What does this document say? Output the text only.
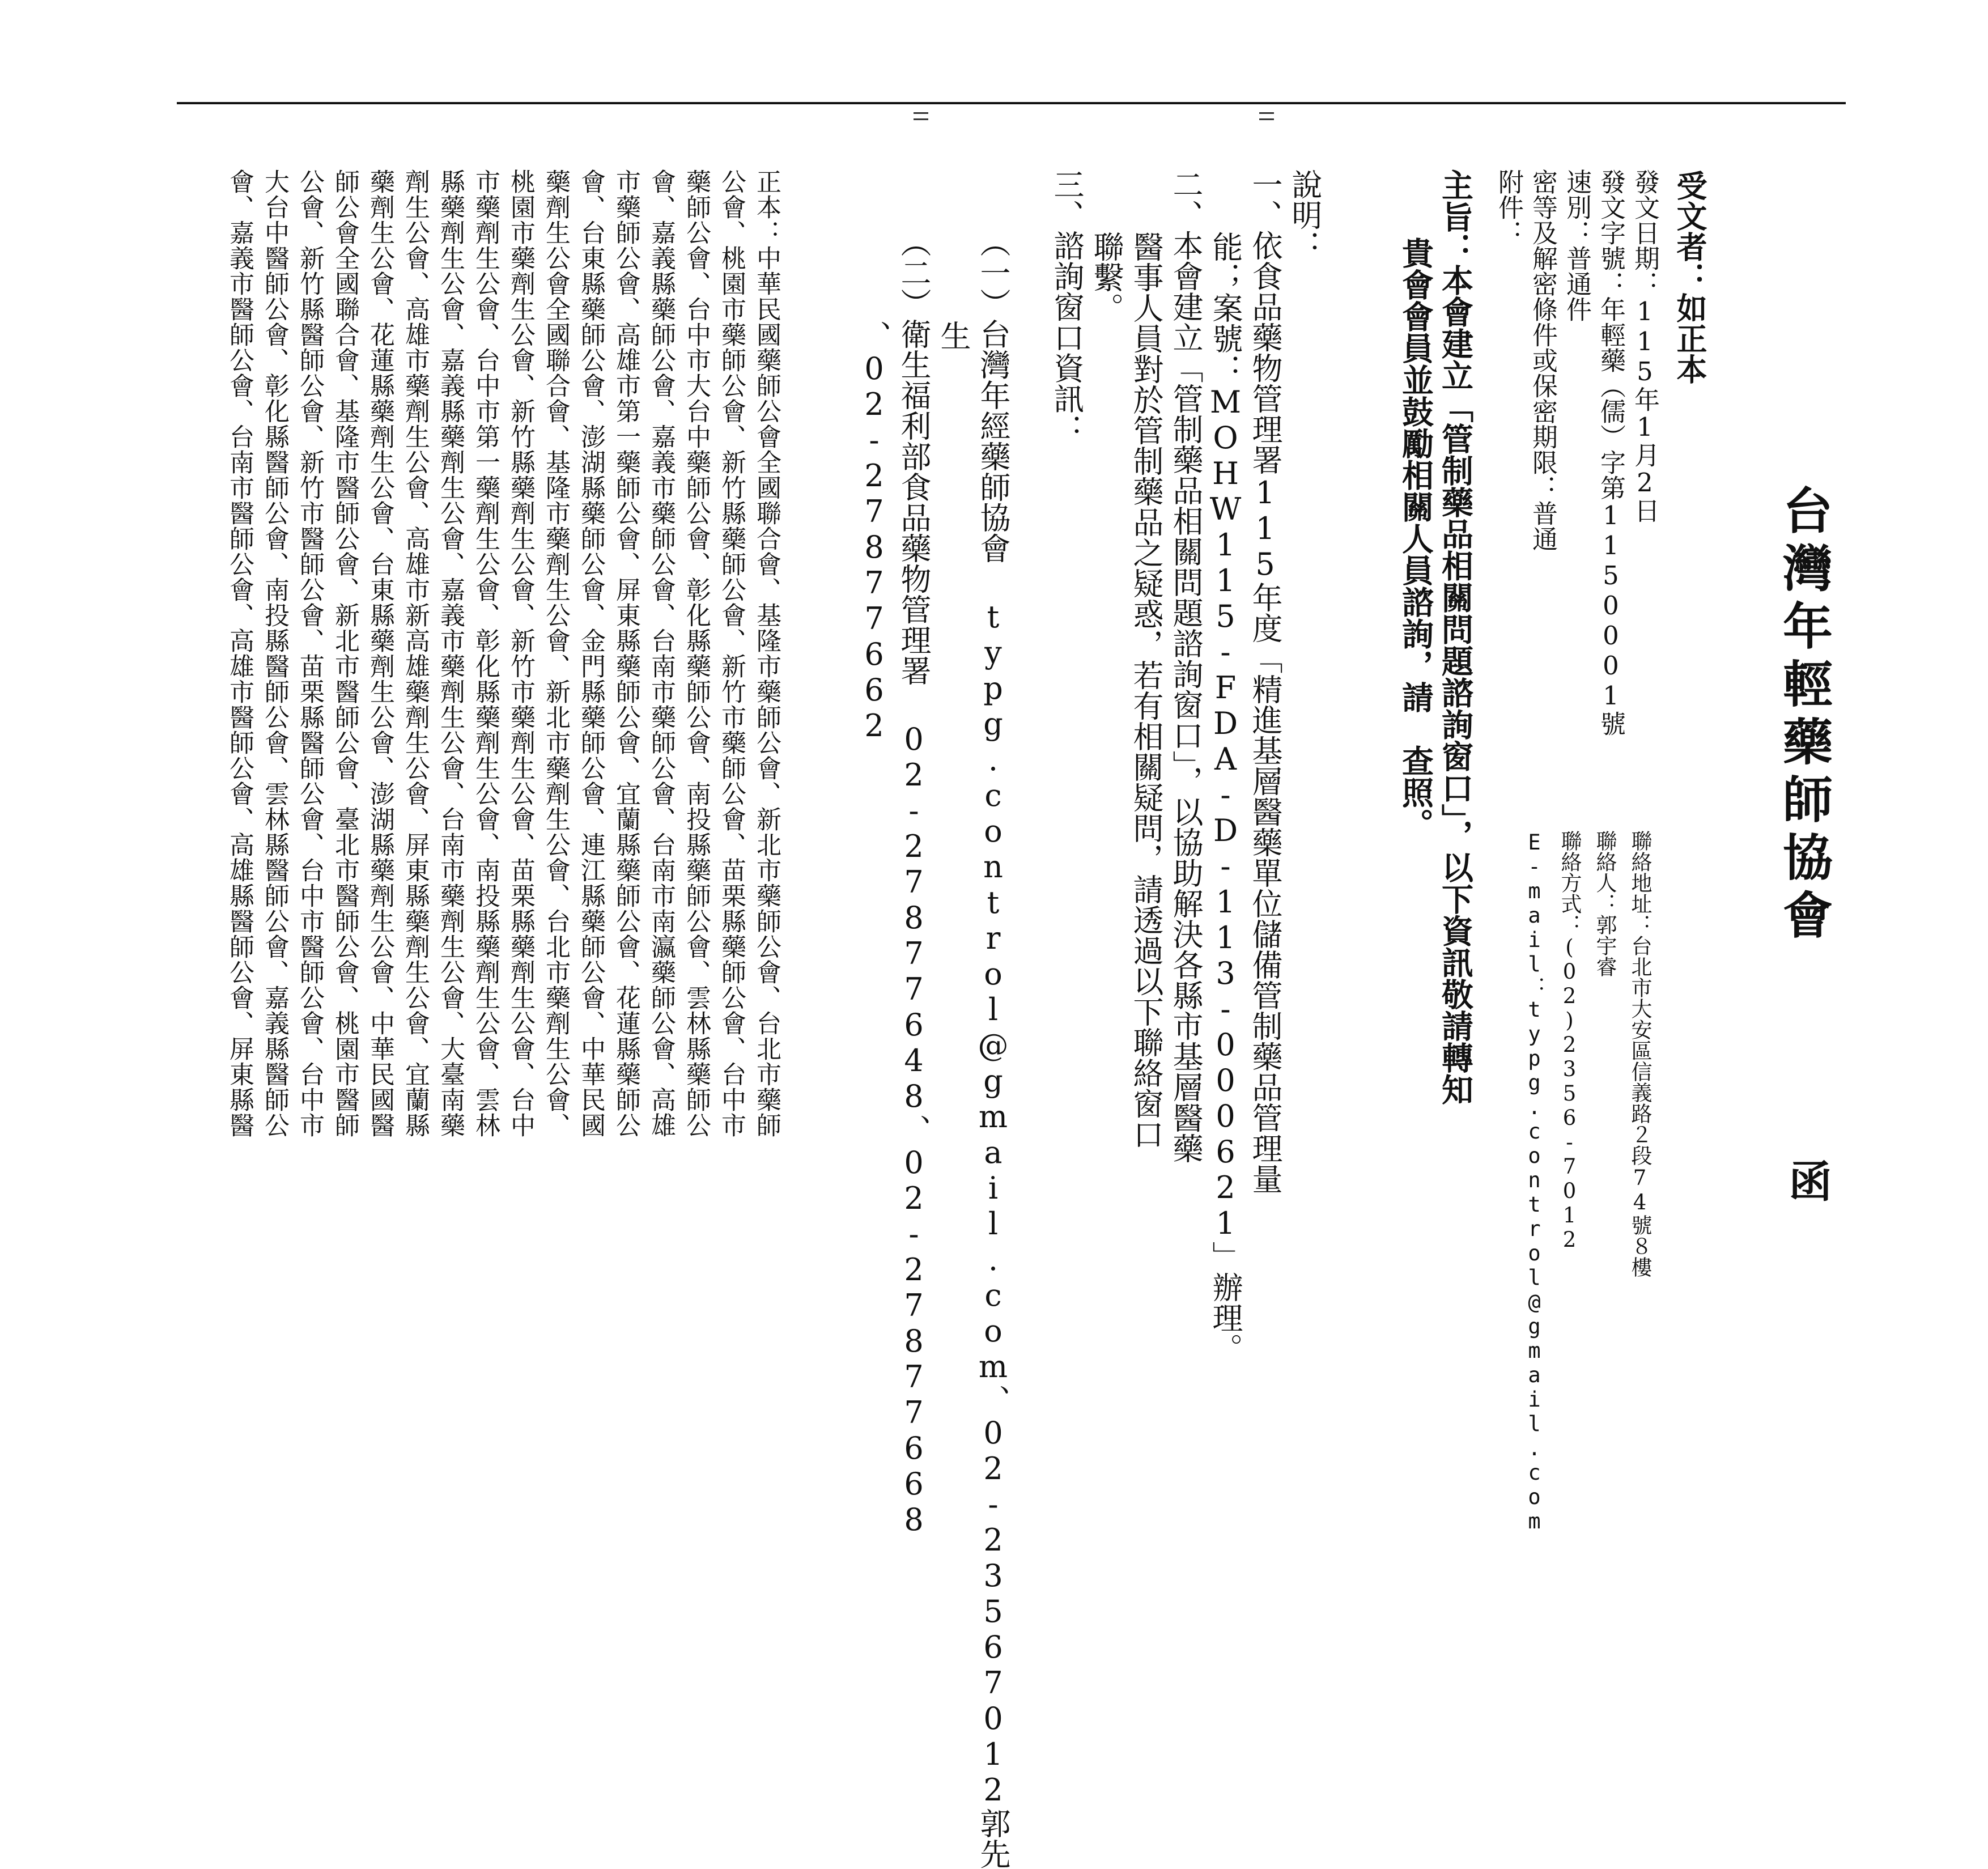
台灣年輕藥師協會
函
聯絡地址：台北市大安區信義路２段74號８樓
聯絡人：郭宇睿
聯絡方式：(02)2356-7012
E-mail：typg.control@gmail.com
受文者：如正本
發文日期：115年1月2日
發文字號：年輕藥（儒）字第1150001號
速別：普通件
密等及解密條件或保密期限：普通
附件：
主旨：本會建立「管制藥品相關問題諮詢窗口」，以下資訊敬請轉知
貴會會員並鼓勵相關人員諮詢，請　查照。
說明：
一、依食品藥物管理署115年度「精進基層醫藥單位儲備管制藥品管理量
能；案號：MOHW115-FDA-D-113-000621」辦理。
二、本會建立「管制藥品相關問題諮詢窗口」，以協助解決各縣市基層醫藥
醫事人員對於管制藥品之疑惑，若有相關疑問，請透過以下聯絡窗口
聯繫。
三、諮詢窗口資訊：
（一）台灣年經藥師協會 typg.control@gmail.com、02-23567012郭先
生
（二）衛生福利部食品藥物管理署 02-27877648、02-27877668
、02-27877662
正本：中華民國藥師公會全國聯合會、基隆市藥師公會、新北市藥師公會、台北市藥師
公會、桃園市藥師公會、新竹縣藥師公會、新竹市藥師公會、苗栗縣藥師公會、台中市
藥師公會、台中市大台中藥師公會、彰化縣藥師公會、南投縣藥師公會、雲林縣藥師公
會、嘉義縣藥師公會、嘉義市藥師公會、台南市藥師公會、台南市南瀛藥師公會、高雄
市藥師公會、高雄市第一藥師公會、屏東縣藥師公會、宜蘭縣藥師公會、花蓮縣藥師公
會、台東縣藥師公會、澎湖縣藥師公會、金門縣藥師公會、連江縣藥師公會、中華民國
藥劑生公會全國聯合會、基隆市藥劑生公會、新北市藥劑生公會、台北市藥劑生公會、
桃園市藥劑生公會、新竹縣藥劑生公會、新竹市藥劑生公會、苗栗縣藥劑生公會、台中
市藥劑生公會、台中市第一藥劑生公會、彰化縣藥劑生公會、南投縣藥劑生公會、雲林
縣藥劑生公會、嘉義縣藥劑生公會、嘉義市藥劑生公會、台南市藥劑生公會、大臺南藥
劑生公會、高雄市藥劑生公會、高雄市新高雄藥劑生公會、屏東縣藥劑生公會、宜蘭縣
藥劑生公會、花蓮縣藥劑生公會、台東縣藥劑生公會、澎湖縣藥劑生公會、中華民國醫
師公會全國聯合會、基隆市醫師公會、新北市醫師公會、臺北市醫師公會、桃園市醫師
公會、新竹縣醫師公會、新竹市醫師公會、苗栗縣醫師公會、台中市醫師公會、台中市
大台中醫師公會、彰化縣醫師公會、南投縣醫師公會、雲林縣醫師公會、嘉義縣醫師公
會、嘉義市醫師公會、台南市醫師公會、高雄市醫師公會、高雄縣醫師公會、屏東縣醫
